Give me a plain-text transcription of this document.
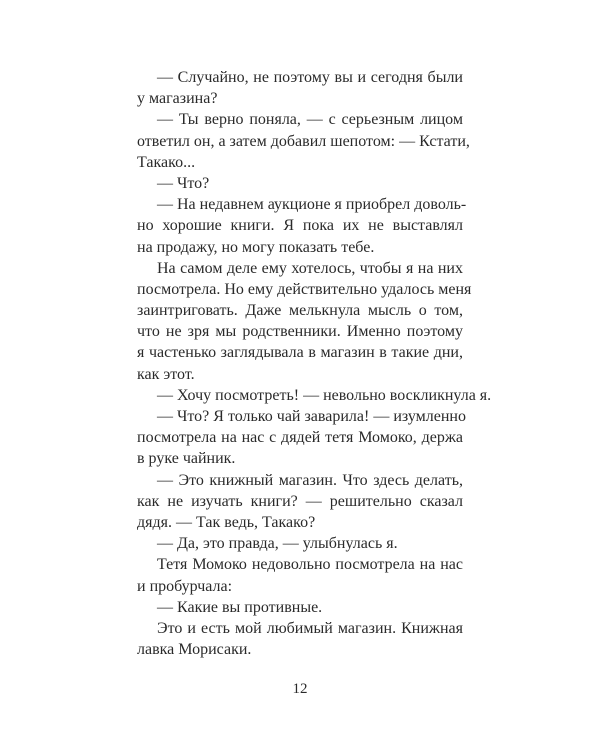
— Случайно, не поэтому вы и сегодня были
у магазина?
— Ты верно поняла, — с серьезным лицом
ответил он, а затем добавил шепотом: — Кстати,
Такако...
— Что?
— На недавнем аукционе я приобрел доволь-
но хорошие книги. Я пока их не выставлял
на продажу, но могу показать тебе.
На самом деле ему хотелось, чтобы я на них
посмотрела. Но ему действительно удалось меня
заинтриговать. Даже мелькнула мысль о том,
что не зря мы родственники. Именно поэтому
я частенько заглядывала в магазин в такие дни,
как этот.
— Хочу посмотреть! — невольно воскликнула я.
— Что? Я только чай заварила! — изумленно
посмотрела на нас с дядей тетя Момоко, держа
в руке чайник.
— Это книжный магазин. Что здесь делать,
как не изучать книги? — решительно сказал
дядя. — Так ведь, Такако?
— Да, это правда, — улыбнулась я.
Тетя Момоко недовольно посмотрела на нас
и пробурчала:
— Какие вы противные.
Это и есть мой любимый магазин. Книжная
лавка Морисаки.
12
